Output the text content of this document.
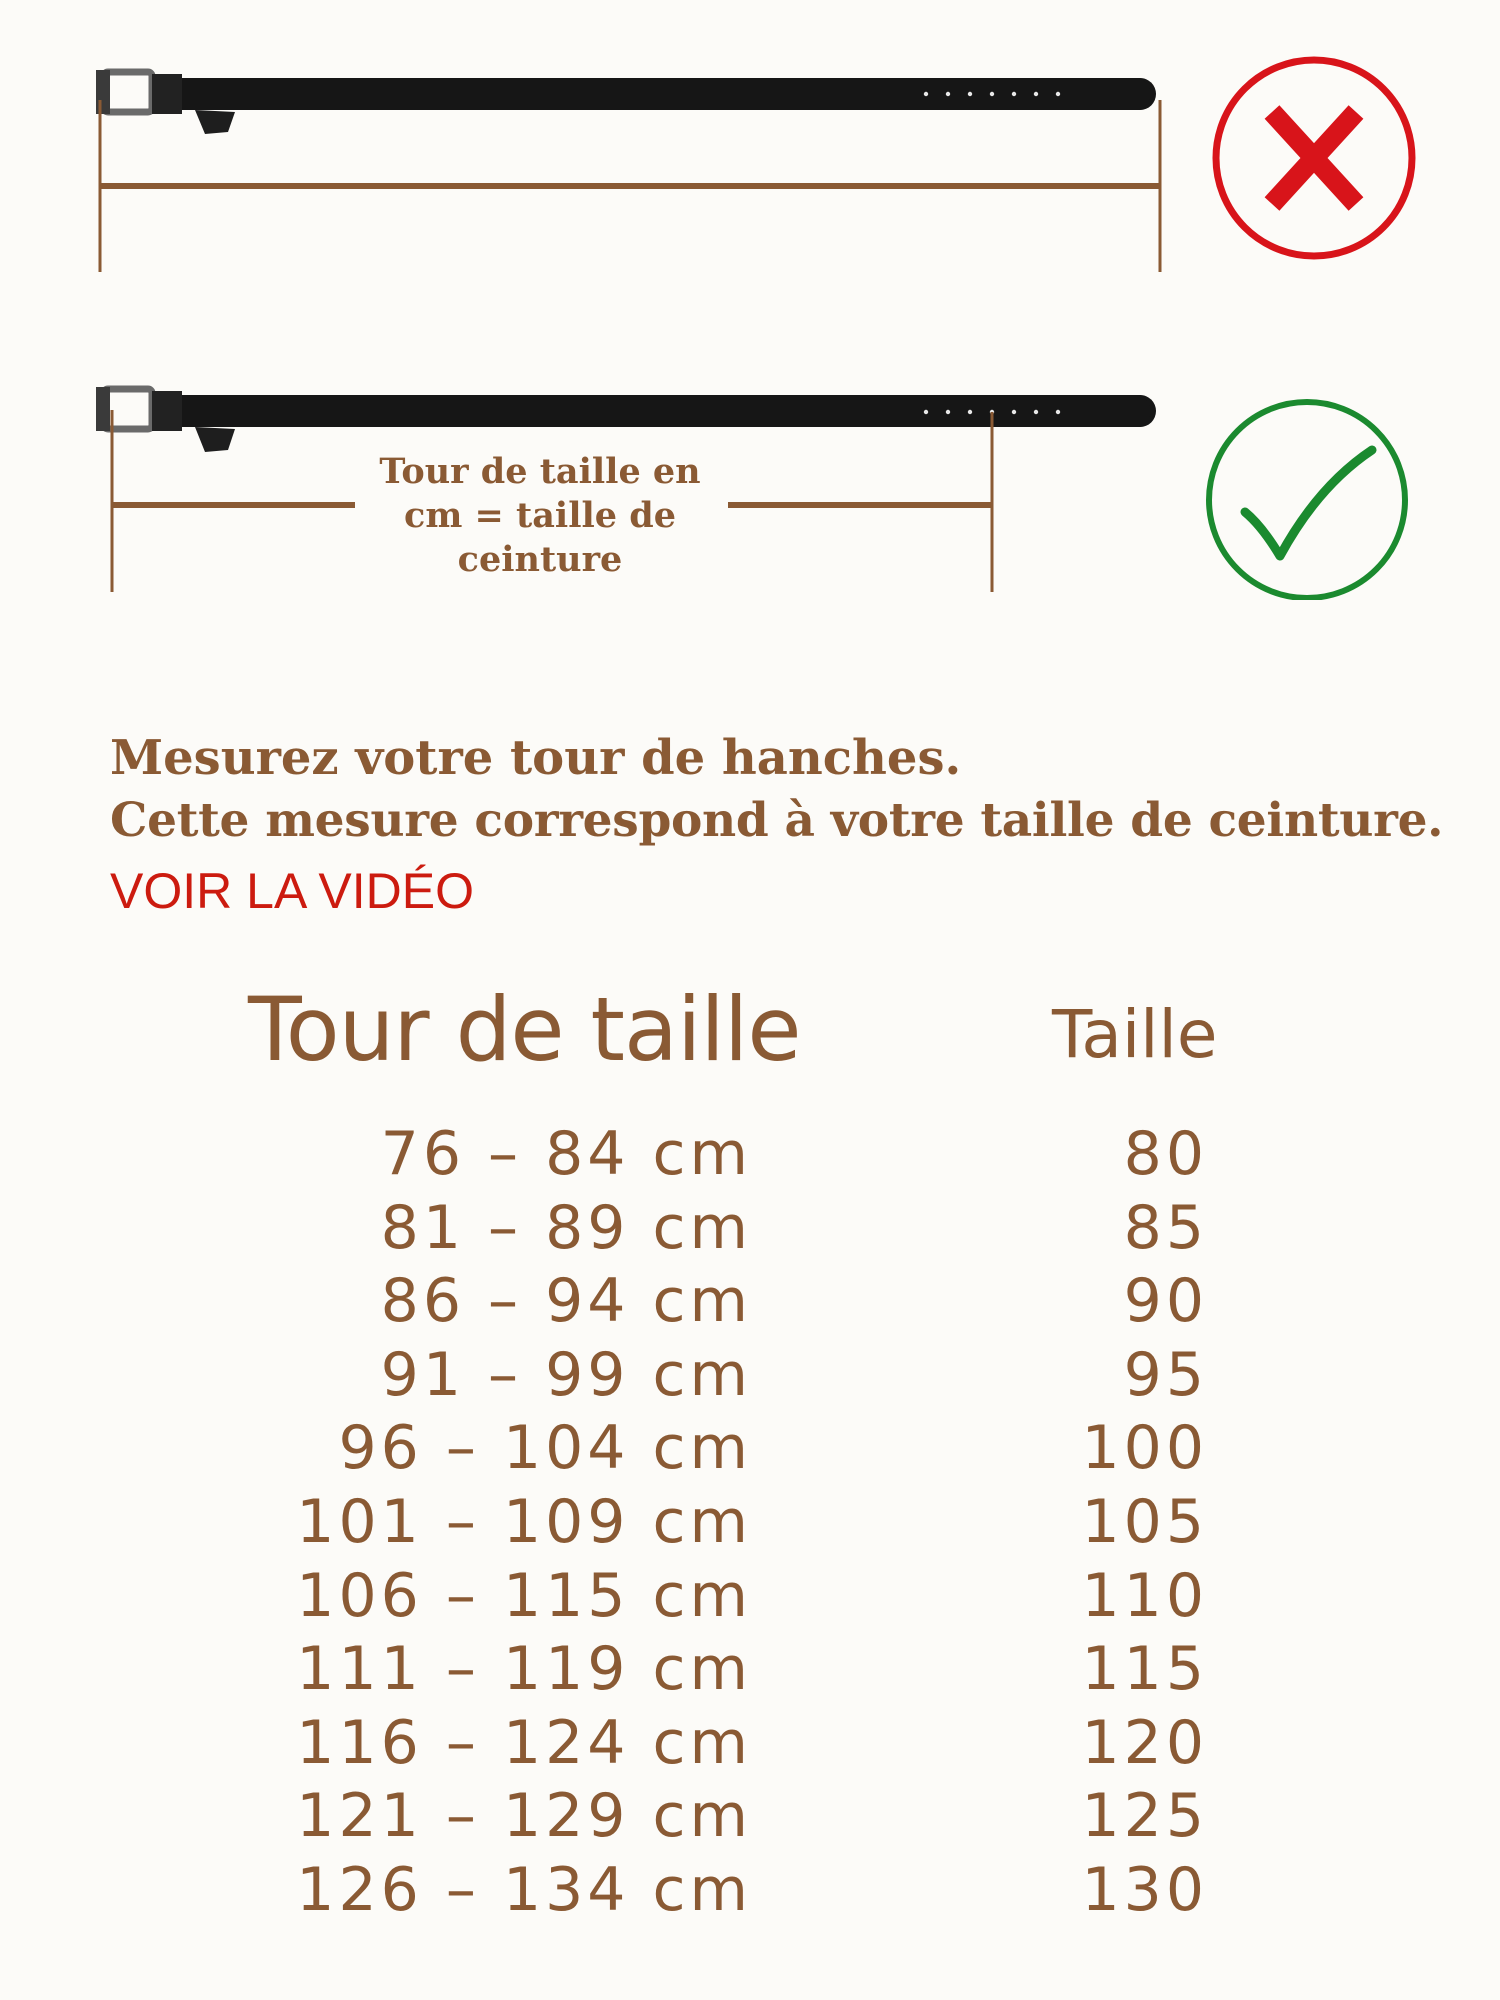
Tour de taille en
cm = taille de
ceinture
Mesurez votre tour de hanches.
Cette mesure correspond à votre taille de ceinture.
VOIR LA VIDÉO
Tour de taille	Taille
76 – 84 cm	80
81 – 89 cm	85
86 – 94 cm	90
91 – 99 cm	95
96 – 104 cm	100
101 – 109 cm	105
106 – 115 cm	110
111 – 119 cm	115
116 – 124 cm	120
121 – 129 cm	125
126 – 134 cm	130
